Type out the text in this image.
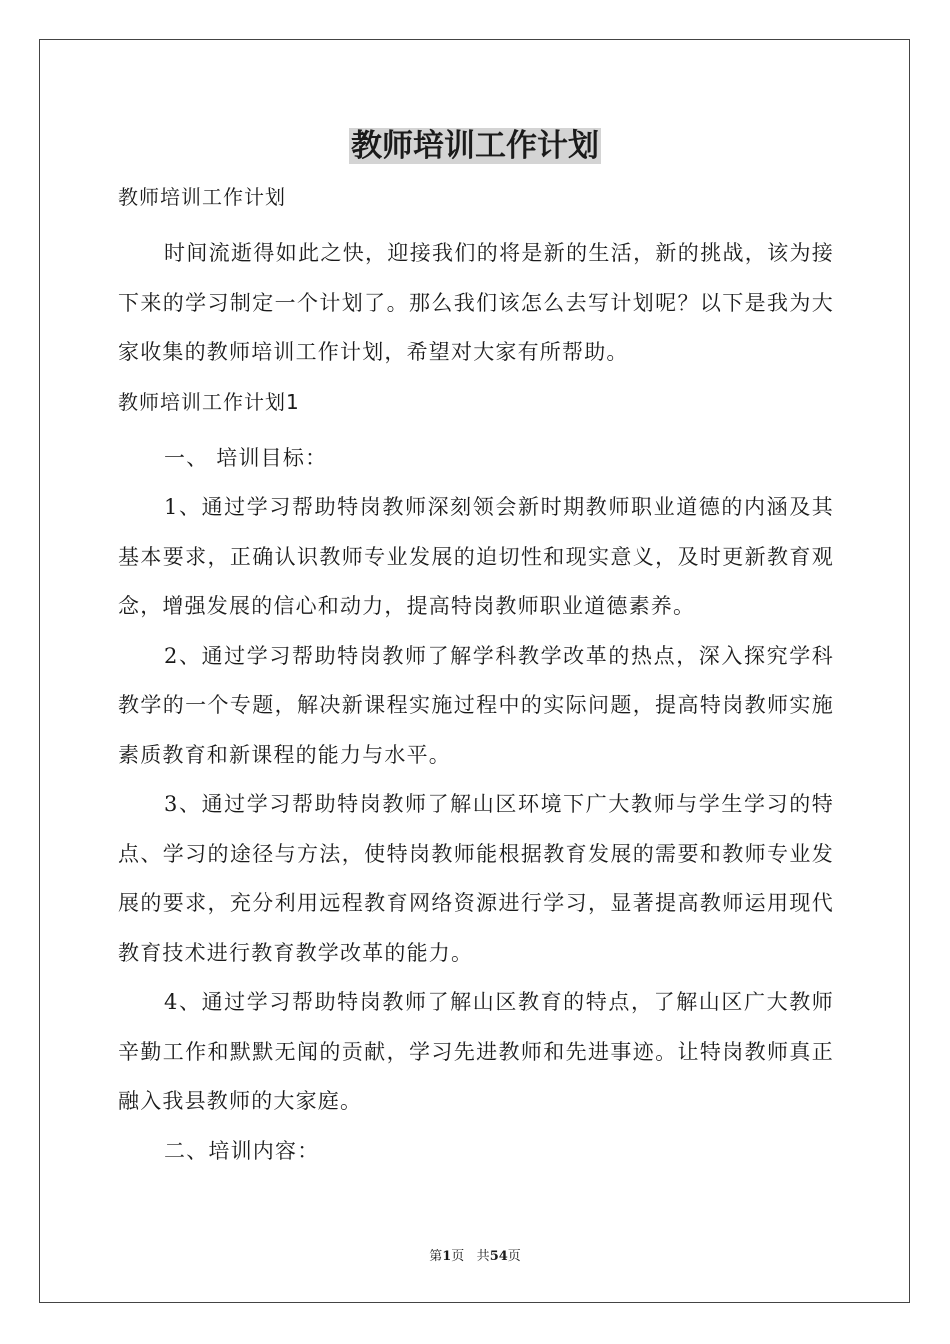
教师培训工作计划

教师培训工作计划

时间流逝得如此之快，迎接我们的将是新的生活，新的挑战，该为接下来的学习制定一个计划了。那么我们该怎么去写计划呢？以下是我为大家收集的教师培训工作计划，希望对大家有所帮助。

教师培训工作计划1

一、 培训目标：

1、通过学习帮助特岗教师深刻领会新时期教师职业道德的内涵及其基本要求，正确认识教师专业发展的迫切性和现实意义，及时更新教育观念，增强发展的信心和动力，提高特岗教师职业道德素养。

2、通过学习帮助特岗教师了解学科教学改革的热点，深入探究学科教学的一个专题，解决新课程实施过程中的实际问题，提高特岗教师实施素质教育和新课程的能力与水平。

3、通过学习帮助特岗教师了解山区环境下广大教师与学生学习的特点、学习的途径与方法，使特岗教师能根据教育发展的需要和教师专业发展的要求，充分利用远程教育网络资源进行学习，显著提高教师运用现代教育技术进行教育教学改革的能力。

4、通过学习帮助特岗教师了解山区教育的特点，了解山区广大教师辛勤工作和默默无闻的贡献，学习先进教师和先进事迹。让特岗教师真正融入我县教师的大家庭。

二、培训内容：

第1页 共54页
